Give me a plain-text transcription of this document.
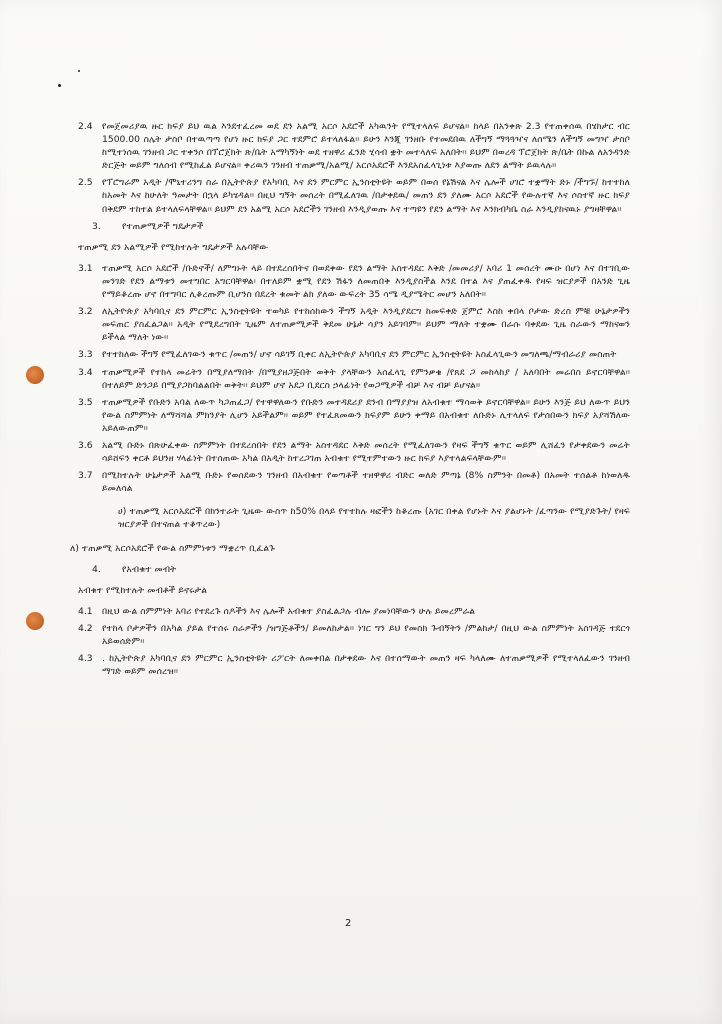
2.4	የመጀመሪያዉ ዙር ክፍያ ይህ ዉል እንደተፈረመ ወደ ደን አልሚ አርሶ አደሮች አካዉንት የሚተላለፍ ይሆናል፡፡ ከላይ በአንቀጽ 2.3 የተጠቀሰዉ በሄክታር ብር 1500.00 ስሌት ታስቦ በተዉጣጣ የሆነ ዙር ክፍያ ጋር ተደምሮ ይተላለፋል፡፡ ይሁን እንጂ ገንዘቡ የተመደበዉ ለችግኝ ማጓጓዣና ለሰሜን ለችግኝ መግዣ ታስቦ ከሚተነሰዉ ገንዘብ ጋር ተቀንሶ በፕሮጀክት ጽ/ቤት አማካኝነት ወደ ተዘዋሪ ፈንድ ሂሳብ ቋት መተላለፍ አለበት፡፡ ይህም በወረዳ ፕሮጀክት ጽ/ቤት በኩል ለአንዳንድ ድርጅት ወይም ግለሰብ የሚከፈል ይሆናል፡፡ ቀሪዉን ገንዘብ ተጠቃሚ/አልሚ/ አርሶአደሮች እንደአስፈላጊነቱ እያወጡ ለደን ልማት ይዉላሉ፡፡
2.5	የፕሮግራም አዲት /ሞኒተሪንግ ስራ በኢትዮጵያ የአካባቢ እና ደን ምርምር ኢንስቲትዩት ወይም በወሰ የኔሽናል እና ሌሎች ሀገሮ ተቋማት ድኑ /ችግኙ/ ከተተከለ ከአመት እና ከሁለት ዓመታት በኋላ ይካሄዳል፡፡ በዚህ ግኝት መሰረት በሚፈለገዉ /በታቀደዉ/ መጠን ደን ያለሙ አርሶ አደሮች የውሉተኛ እና ሶስተኛ ዙር ክፍያ በቅደም ተከተል ይተላለፍላቸዋል፡፡ ይህም ደን አልሚ አርሶ አደሮችን ገንዘብ እንዲያወጡ እና ተጣዩን የደን ልማት እና እንክብካቤ ስራ እንዲያከናዉኑ ያግዛቸዋል፡፡
3.	የተጠቃሚዎች ግዴታዎች
ተጠቃሚ ደን አልሚዎች የሚከተሉት ግዴታዎች አሉባቸው
3.1	ተጠቃሚ አርሶ አደሮች /ቡድኖች/ ለምግኑት ላይ በተደረሰበትና በወደቀው የደን ልማት አስተዳደር እቅድ /መመሪያ/ አባሪ 1 መሰረት ሙዑ በሆነ እና በተገቢው መንገድ የደን ልማቱን መተግበር አግርባቸዋል፡ በተለይም ቋሚ የደን ሽፋን ለመጠበቅ እንዲያስችል እንደ በተል እና ያጠፈቀዱ የዛፍ ዝርያዎች በአንድ ጊዜ የማይቆረጡ ሆኖ በተግባር ሊቆረጡም ቢሆንስ በደረት ቁመት ልክ ያለው ውፍረት 35 ሳሜ ዲያሜትር መሆን አለበት፡፡
3.2	ለኢትዮጵያ አካባቢና ደን ምርምር ኢንስቲትዩት ተወካይ የተከሰከውን ችግኝ አዲት እንዲያደርግ ከመፍቀድ ጀምሮ እስከ ቀበላ ቦታው ድረስ ምቹ ሁኔታዎችን መፍጠር ያስፈልጋል፡፡ አዲት የሚደረግበት ጊዜም ለተጠቃሚዎች ቅደመ ሁኔታ ሳያን አይገባም፡፡ ይህም ማለት ተቋሙ በራሱ ባቀደው ጊዜ ስራውን ማከናወን ይችላል ማለት ነው፡፡
3.3	የተተከለው ችግኝ የሚፈለገውን ቁጥር /መጠን/ ሆኖ ሳይገኝ ቢቀር ለኢትዮጵያ አካባቢና ደን ምርምር ኢንስቲትዩት አስፈላጊውን መግለጫ/ማብራሪያ መስጠት
3.4	ተጠቃሚዎች የተከላ መሬትን በሚያለማበት /በሚያዘጋጅበት ወቅት ያላቸውን አሰፈላጊ የምንቃቄ /የጸደ ጋ መከላከያ / አለባበት መሬበስ ይኖርባቸዋል፡፡ በተለይም ድንጋይ በሚያጋከባልልበት ወቅት፡፡ ይህም ሆኖ አደጋ ቢደርስ ኃላፊነት የወጋሚዎች ብቻ እና ብቻ ይሆናል፡፡
3.5	ተጠቃሚዎች የቡድን አባል ለውጥ ካጋጠፈጋ/ የተዋዋለውን የቡድን መተዳደሪያ ደንብ በማያያዝ ለአብቁተ ማሳወቅ ይኖርባቸዋል፡፡ ይሁን እንጅ ይህ ለውጥ ይህን የውል ስምምነት ለማሻሻል ምክንያት ሊሆን አይችልም፡፡ ወይም የተፈጸመውን ክፍያም ይሁን ቀማይ በአብቁተ ለቡድኑ ሊተላለፍ የታሰበውን ክፍያ አያሻሽለው አይለውጠም፡፡
3.6	አልሚ ቡድኑ በጽሁፈቀው ስምምነት በተደረሰበት የደን ልማት አስተዳደር እቅድ መሰረት የሚፈለገውን የዛፍ ችግኝ ቁጥር ወይም ሊሸፈን የታቀደውን መሬት ሳይሸፍን ቀርቶ ይህንዘ ሃላፊነት በተሰጠው አካል በአዲት ከተረጋገጠ አብቁተ የሚተምተውን ዙር ክፍያ እያተላልፍላቸውም፡፡
3.7	በሚከተሉት ሁኔታዎች አልሚ ቡድኑ የወሰደውን ገንዘብ በአብቁተ የወጣቶች ተዘዋዋሪ ብድር ወለድ ምጣኔ (8% ስምንት በመቶ) በአመት ተሰልቶ ከነወለዱ ይመለሳል
ሀ) ተጠቃሚ አርሶአደሮች በክንተራት ጊዜው ውስጥ ከ50% በላይ የተተከሉ ዛፎችን ከቆረጡ (አገር በቀል የሆኑት እና ያልሆኑት /ፈጣንው የሚያድጉት/ የዛፍ ዝርያዎች በተናጠል ተቆጥረው)
ለ) ተጠቃሚ አርሶአደሮች የውል ስምምነቱን ማቋረጥ ቢፈልጉ
4.	የአብቁተ መብት
አብቁተ የሚከተሉት መብቶች ይኖሩታል
4.1	በዚህ ውል ስምምነት አባሪ የተደረጉ ሰዶችን እና ሌሎች አብቁተ ያስፈልጋሉ ብሎ ያመነባቸውን ሁሉ ይመረምራል
4.2	የተከላ ቦታዎችን በአካል ያይል የተሰሩ ስራዎችን /ዝግጅቶችን/ ይመለከታል፡፡ ነገር ግን ይህ የመስክ ጉብኝትን /ምልከታ/ በዚህ ውል ስምምነት አስገዳጅ ተደርጎ አይወሰድም፡፡
4.3	. ከኢትዮጵያ አካባቢና ደን ምርምር ኢንስቲትዩት ሪፖርት ለመቀበል በታቀደው እና በተሰማውት መጠን ዛፍ ካላለሙ ለተጠቃሚዎች የሚተላለፈውን ገንዘብ ማገድ ወይም መሰረዝ፡፡
2
